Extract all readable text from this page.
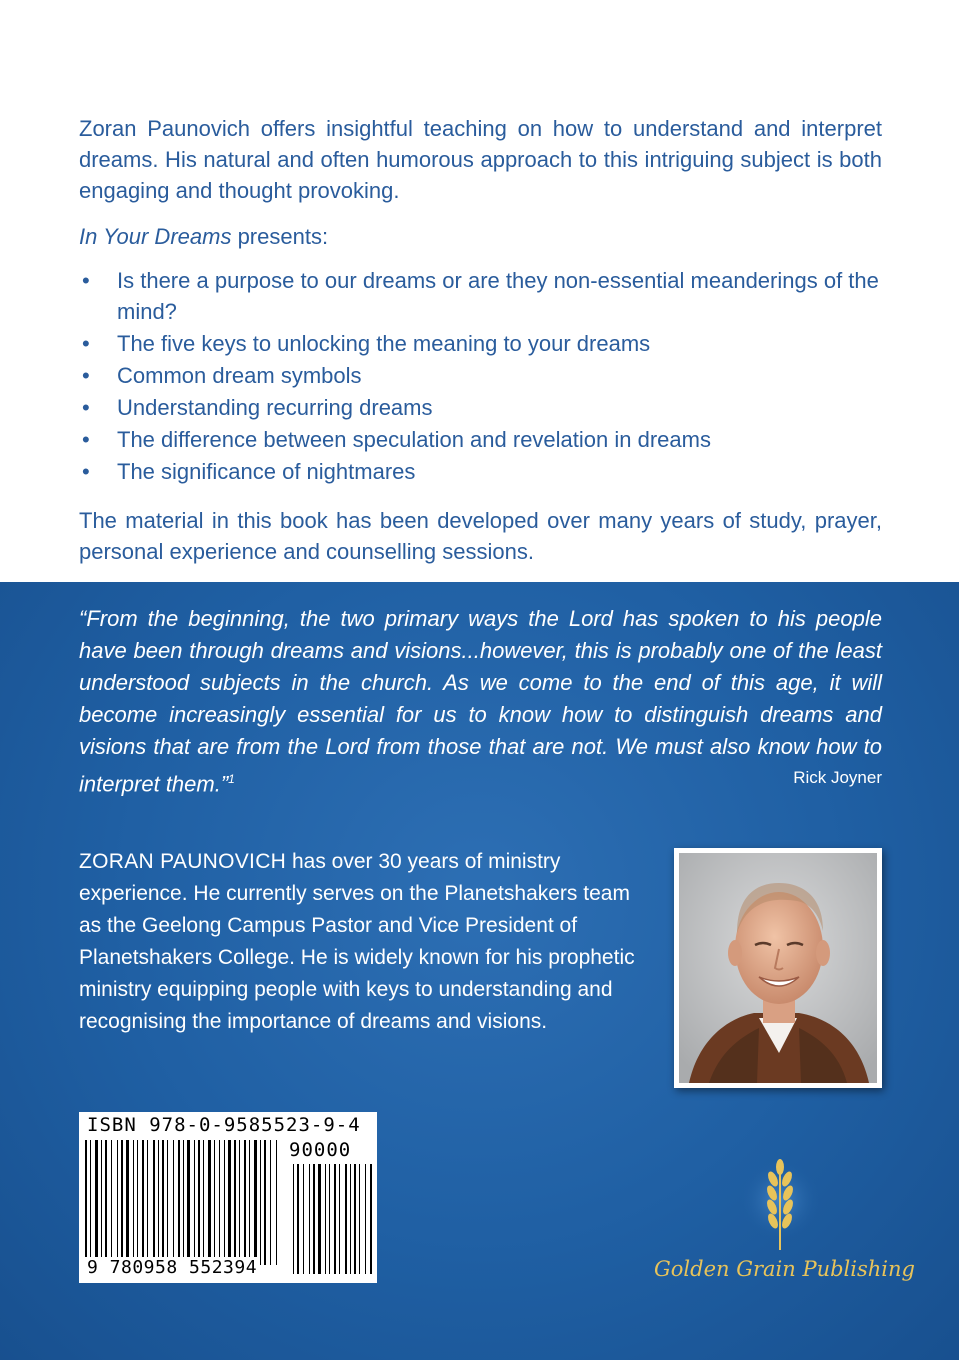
Zoran Paunovich offers insightful teaching on how to understand and interpret dreams. His natural and often humorous approach to this intriguing subject is both engaging and thought provoking.

In Your Dreams presents:
• Is there a purpose to our dreams or are they non-essential meanderings of the mind?
• The five keys to unlocking the meaning to your dreams
• Common dream symbols
• Understanding recurring dreams
• The difference between speculation and revelation in dreams
• The significance of nightmares

The material in this book has been developed over many years of study, prayer, personal experience and counselling sessions.

“From the beginning, the two primary ways the Lord has spoken to his people have been through dreams and visions...however, this is probably one of the least understood subjects in the church. As we come to the end of this age, it will become increasingly essential for us to know how to distinguish dreams and visions that are from the Lord from those that are not. We must also know how to interpret them.”$^1$	Rick Joyner

ZORAN PAUNOVICH has over 30 years of ministry experience. He currently serves on the Planetshakers team as the Geelong Campus Pastor and Vice President of Planetshakers College. He is widely known for his prophetic ministry equipping people with keys to understanding and recognising the importance of dreams and visions.

ISBN 978-0-9585523-9-4
90000
9 780958 552394	Golden Grain Publishing
